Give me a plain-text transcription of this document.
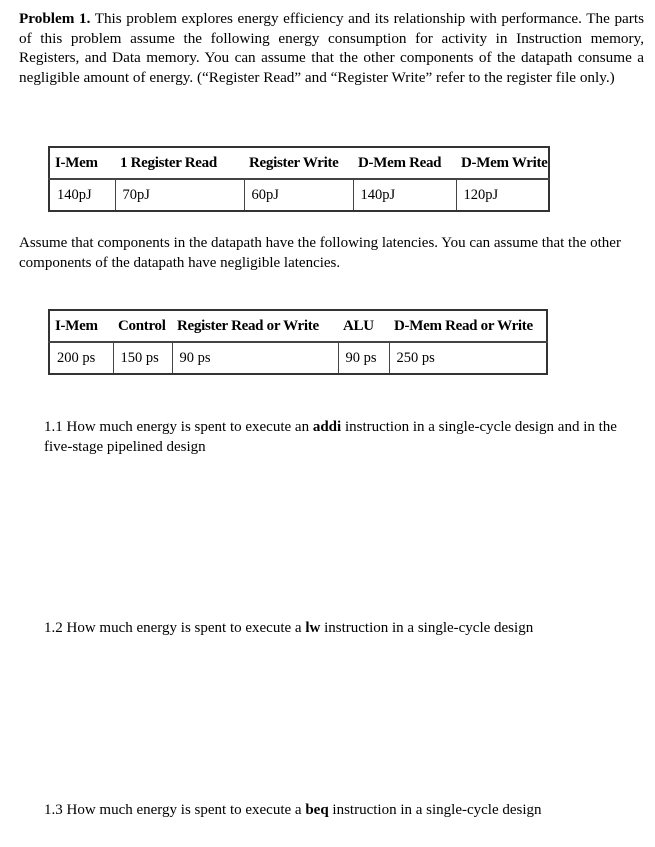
Problem 1. This problem explores energy efficiency and its relationship with performance. The parts of this problem assume the following energy consumption for activity in Instruction memory, Registers, and Data memory. You can assume that the other components of the datapath consume a negligible amount of energy. (“Register Read” and “Register Write” refer to the register file only.)
I-Mem	1 Register Read	Register Write	D-Mem Read	D-Mem Write
140pJ	70pJ	60pJ	140pJ	120pJ
Assume that components in the datapath have the following latencies. You can assume that the other components of the datapath have negligible latencies.
I-Mem	Control	Register Read or Write	ALU	D-Mem Read or Write
200 ps	150 ps	90 ps	90 ps	250 ps
1.1 How much energy is spent to execute an addi instruction in a single-cycle design and in the five-stage pipelined design
1.2 How much energy is spent to execute a lw instruction in a single-cycle design
1.3 How much energy is spent to execute a beq instruction in a single-cycle design
